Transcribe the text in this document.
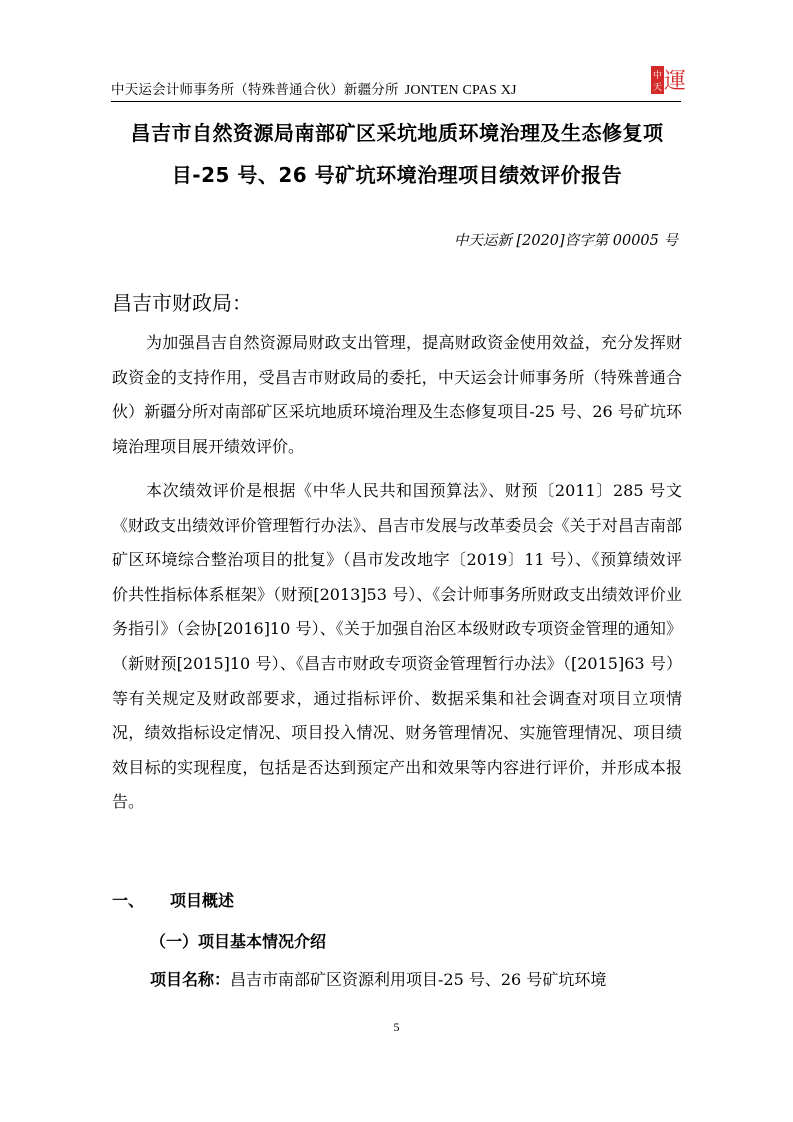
中天运会计师事务所（特殊普通合伙）新疆分所 JONTEN CPAS XJ
中
天 運
昌吉市自然资源局南部矿区采坑地质环境治理及生态修复项目-25 号、26 号矿坑环境治理项目绩效评价报告
中天运新 [2020]咨字第 00005 号
昌吉市财政局：
为加强昌吉自然资源局财政支出管理，提高财政资金使用效益，充分发挥财政资金的支持作用，受昌吉市财政局的委托，中天运会计师事务所（特殊普通合伙）新疆分所对南部矿区采坑地质环境治理及生态修复项目-25 号、26 号矿坑环境治理项目展开绩效评价。
本次绩效评价是根据《中华人民共和国预算法》、财预〔2011〕285 号文《财政支出绩效评价管理暂行办法》、昌吉市发展与改革委员会《关于对昌吉南部矿区环境综合整治项目的批复》（昌市发改地字〔2019〕11 号）、《预算绩效评价共性指标体系框架》（财预[2013]53 号）、《会计师事务所财政支出绩效评价业务指引》（会协[2016]10 号）、《关于加强自治区本级财政专项资金管理的通知》（新财预[2015]10 号）、《昌吉市财政专项资金管理暂行办法》（[2015]63 号）等有关规定及财政部要求，通过指标评价、数据采集和社会调查对项目立项情况，绩效指标设定情况、项目投入情况、财务管理情况、实施管理情况、项目绩效目标的实现程度，包括是否达到预定产出和效果等内容进行评价，并形成本报告。
一、 项目概述
（一）项目基本情况介绍
项目名称：昌吉市南部矿区资源利用项目-25 号、26 号矿坑环境
5
